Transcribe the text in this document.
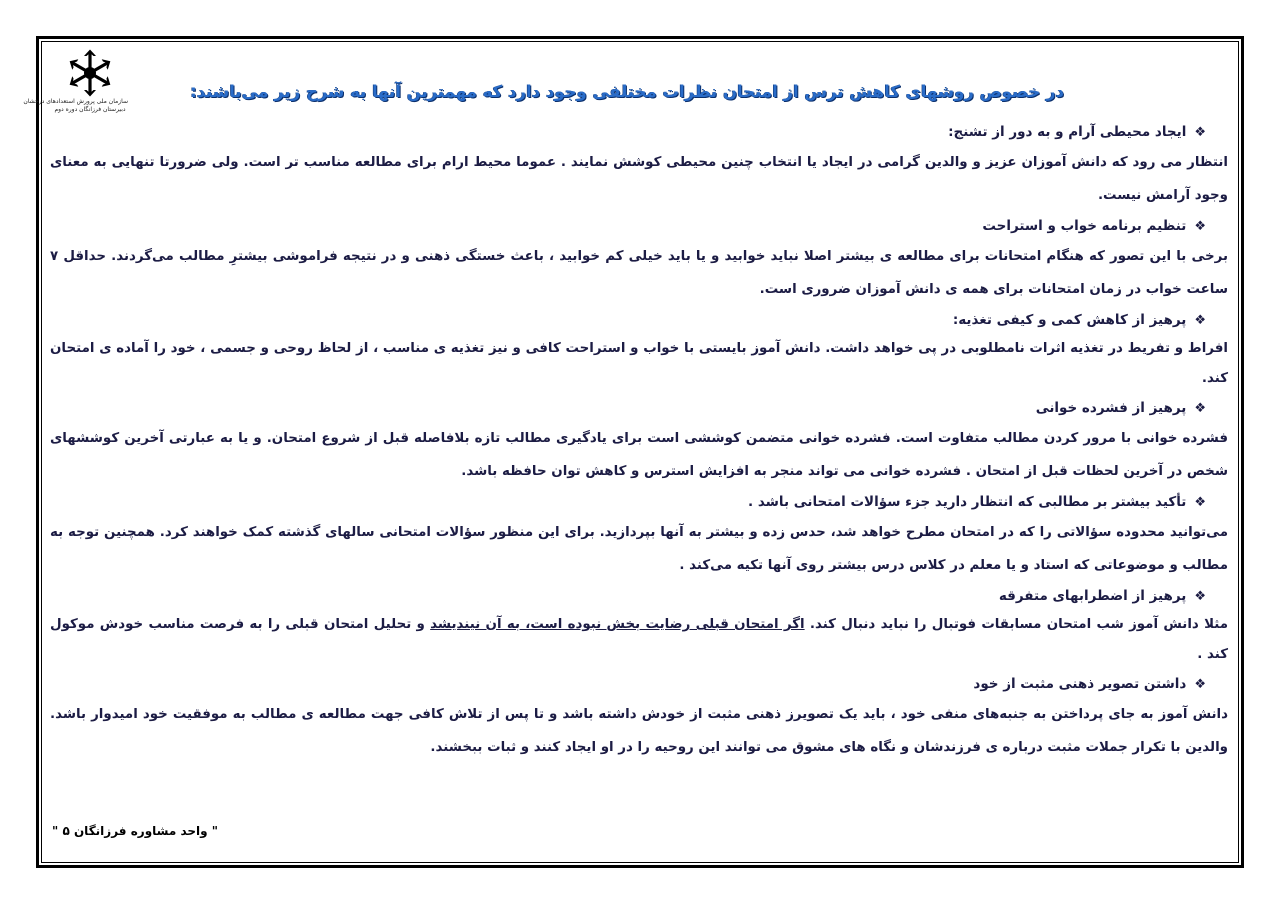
سازمان ملی پرورش استعدادهای درخشان
دبیرستان فرزانگان دوره دوم
در خصوص روشهای کاهش ترس از امتحان نظرات مختلفی وجود دارد که مهمترین آنها به شرح زیر می‌باشند:
❖ایجاد محیطی آرام و به دور از تشنج:

انتظار می رود که دانش آموزان عزیز و والدین گرامی در ایجاد یا انتخاب چنین محیطی کوشش نمایند . عموما محیط ارام برای مطالعه مناسب تر است. ولی ضرورتا تنهایی به معنای وجود آرامش نیست.

❖تنظیم برنامه خواب و استراحت

برخی با این تصور که هنگام امتحانات برای مطالعه ی بیشتر اصلا نباید خوابید و یا باید خیلی کم خوابید ، باعث خستگی ذهنی و در نتیجه فراموشی بیشترِ مطالب می‌گردند. حداقل ۷ ساعت خواب در زمان امتحانات برای همه ی دانش آموزان ضروری است.

❖پرهیز از کاهش کمی و کیفی تغذیه:

افراط و تفریط در تغذیه اثرات نامطلوبی در پی خواهد داشت. دانش آموز بایستی با خواب و استراحت کافی و نیز تغذیه ی مناسب ، از لحاظ روحی و جسمی ، خود را آماده ی امتحان کند.

❖پرهیز از فشرده خوانی

فشرده خوانی با مرور کردن مطالب متفاوت است. فشرده خوانی متضمن کوششی است برای یادگیری مطالب تازه بلافاصله قبل از شروع امتحان. و یا به عبارتی آخرین کوششهای شخص در آخرین لحظات قبل از امتحان . فشرده خوانی می تواند منجر به افزایش استرس و کاهش توان حافظه باشد.

❖تأکید بیشتر بر مطالبی که انتظار دارید جزء سؤالات امتحانی باشد .

می‌توانید محدوده سؤالاتی را که در امتحان مطرح خواهد شد، حدس زده و بیشتر به آنها بپردازید. برای این منظور سؤالات امتحانی سالهای گذشته کمک خواهند کرد. همچنین توجه به مطالب و موضوعاتی که استاد و یا معلم در کلاس درس بیشتر روی آنها تکیه می‌کند .

❖پرهیز از اضطرابهای متفرقه

مثلا دانش آموز شب امتحان مسابقات فوتبال را نباید دنبال کند. اگر امتحان قبلی رضایت بخش نبوده است، به آن نیندیشد و تحلیل امتحان قبلی را به فرصت مناسب خودش موکول کند .

❖داشتن تصویر ذهنی مثبت از خود

دانش آموز به جای پرداختن به جنبه‌های منفی خود ، باید یک تصویرز ذهنی مثبت از خودش داشته باشد و تا پس از تلاش کافی جهت مطالعه ی مطالب به موفقیت خود امیدوار باشد. والدین با تکرار جملات مثبت درباره ی فرزندشان و نگاه های مشوق می توانند این روحیه را در او ایجاد کنند و ثبات ببخشند.

" واحد مشاوره فرزانگان ۵ "
